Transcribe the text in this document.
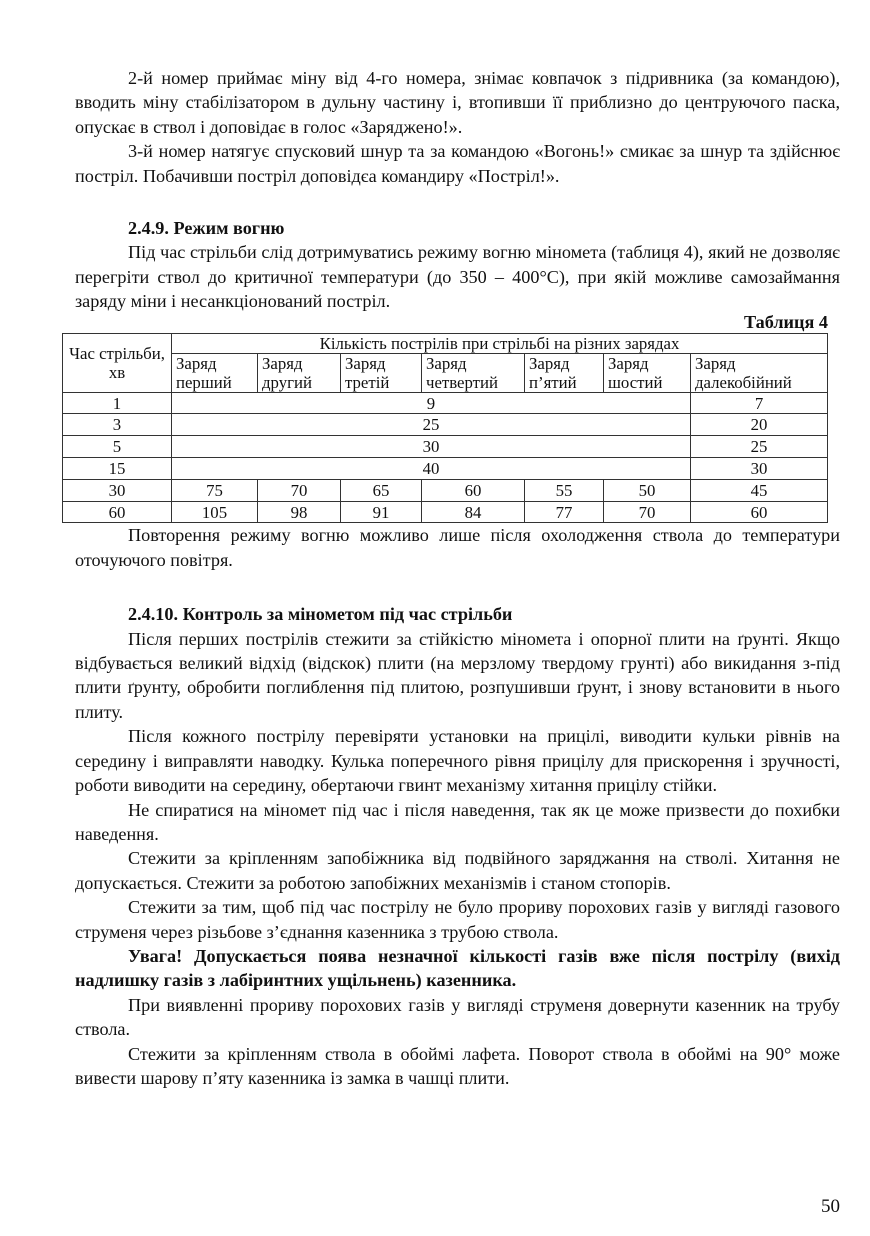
2-й номер приймає міну від 4-го номера, знімає ковпачок з підривника (за командою), вводить міну стабілізатором в дульну частину і, втопивши її приблизно до центруючого паска, опускає в ствол і доповідає в голос «Заряджено!».

3-й номер натягує спусковий шнур та за командою «Вогонь!» смикає за шнур та здійснює постріл. Побачивши постріл доповідєа командиру «Постріл!».

2.4.9. Режим вогню

Під час стрільби слід дотримуватись режиму вогню міномета (таблиця 4), який не дозволяє перегріти ствол до критичної температури (до 350 – 400°С), при якій можливе самозаймання заряду міни і несанкціонований постріл.

Таблиця 4
Час стрільби, хв	Кількість пострілів при стрільбі на різних зарядах						
	Заряд перший	Заряд другий	Заряд третій	Заряд четвертий	Заряд п’ятий	Заряд шостий	Заряд далекобійний
1	9						7
3	25						20
5	30						25
15	40						30
30	75	70	65	60	55	50	45
60	105	98	91	84	77	70	60

Повторення режиму вогню можливо лише після охолодження ствола до температури оточуючого повітря.

2.4.10. Контроль за мінометом під час стрільби

Після перших пострілів стежити за стійкістю міномета і опорної плити на ґрунті. Якщо відбувається великий відхід (відскок) плити (на мерзлому твердому грунті) або викидання з-під плити ґрунту, обробити поглиблення під плитою, розпушивши ґрунт, і знову встановити в нього плиту.

Після кожного пострілу перевіряти установки на прицілі, виводити кульки рівнів на середину і виправляти наводку. Кулька поперечного рівня прицілу для прискорення і зручності, роботи виводити на середину, обертаючи гвинт механізму хитання прицілу стійки.

Не спиратися на міномет під час і після наведення, так як це може призвести до похибки наведення.

Стежити за кріпленням запобіжника від подвійного заряджання на стволі. Хитання не допускається. Стежити за роботою запобіжних механізмів і станом стопорів.

Стежити за тим, щоб під час пострілу не було прориву порохових газів у вигляді газового струменя через різьбове з’єднання казенника з трубою ствола.

Увага! Допускається поява незначної кількості газів вже після пострілу (вихід надлишку газів з лабіринтних ущільнень) казенника.

При виявленні прориву порохових газів у вигляді струменя довернути казенник на трубу ствола.

Стежити за кріпленням ствола в обоймі лафета. Поворот ствола в обоймі на 90° може вивести шарову п’яту казенника із замка в чашці плити.

50
